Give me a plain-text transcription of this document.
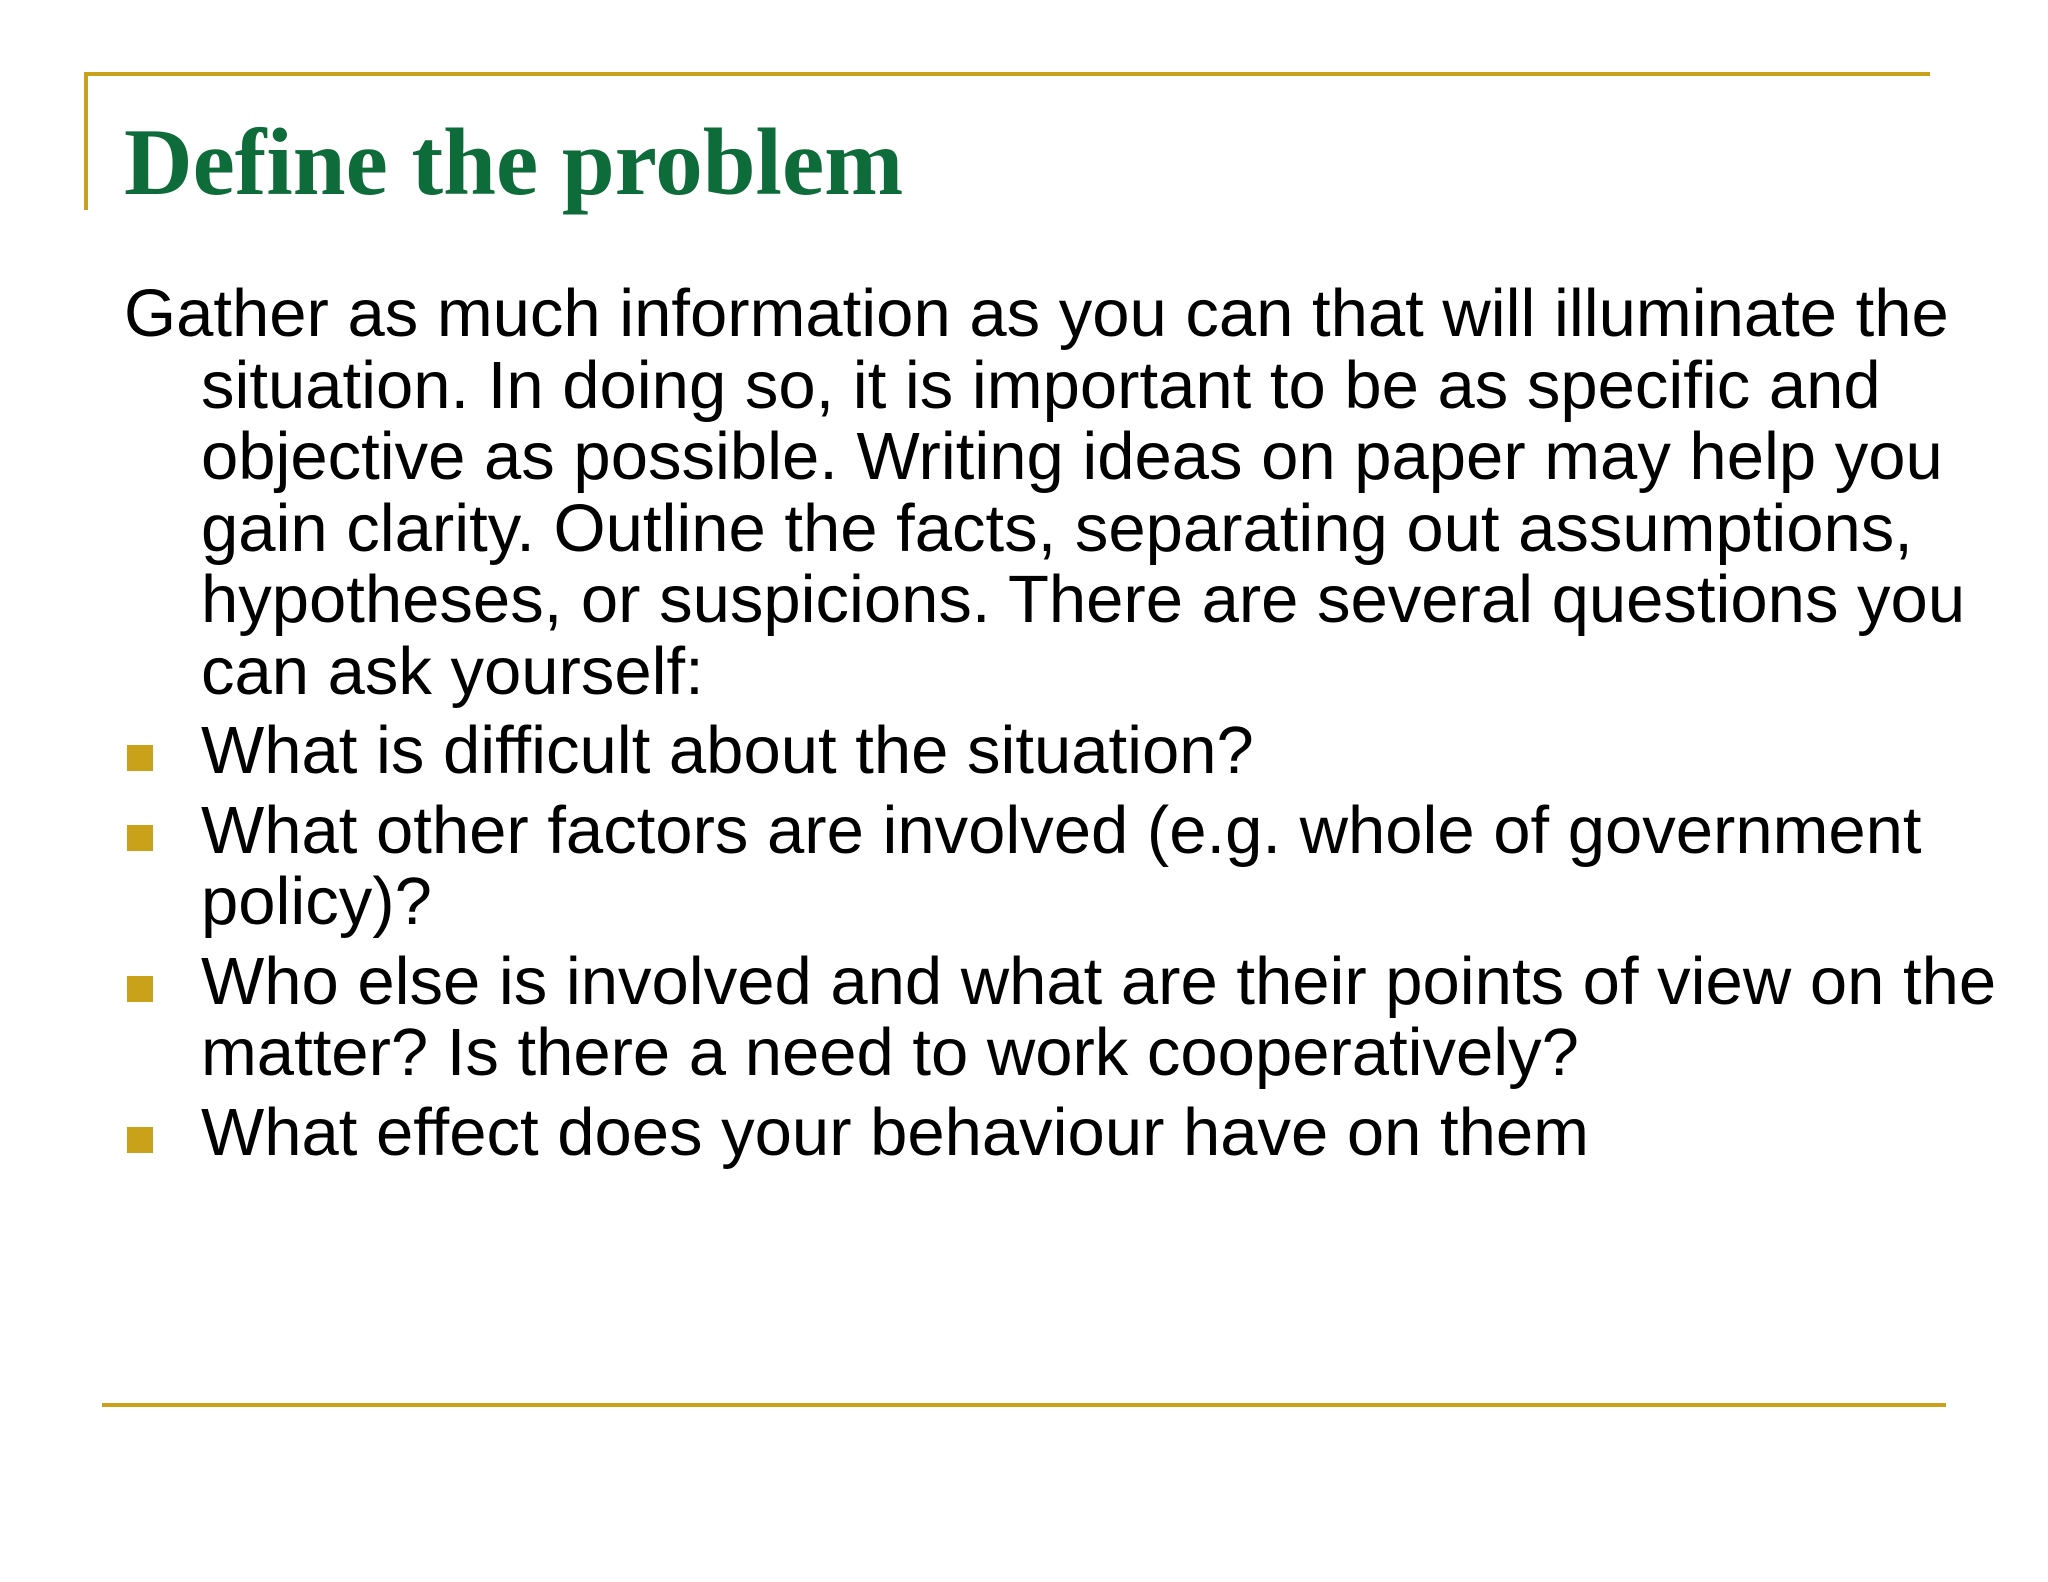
Define the problem

Gather as much information as you can that will illuminate the situation. In doing so, it is important to be as specific and objective as possible. Writing ideas on paper may help you gain clarity. Outline the facts, separating out assumptions, hypotheses, or suspicions. There are several questions you can ask yourself:

What is difficult about the situation?
What other factors are involved (e.g. whole of government policy)?
Who else is involved and what are their points of view on the matter? Is there a need to work cooperatively?
What effect does your behaviour have on them
